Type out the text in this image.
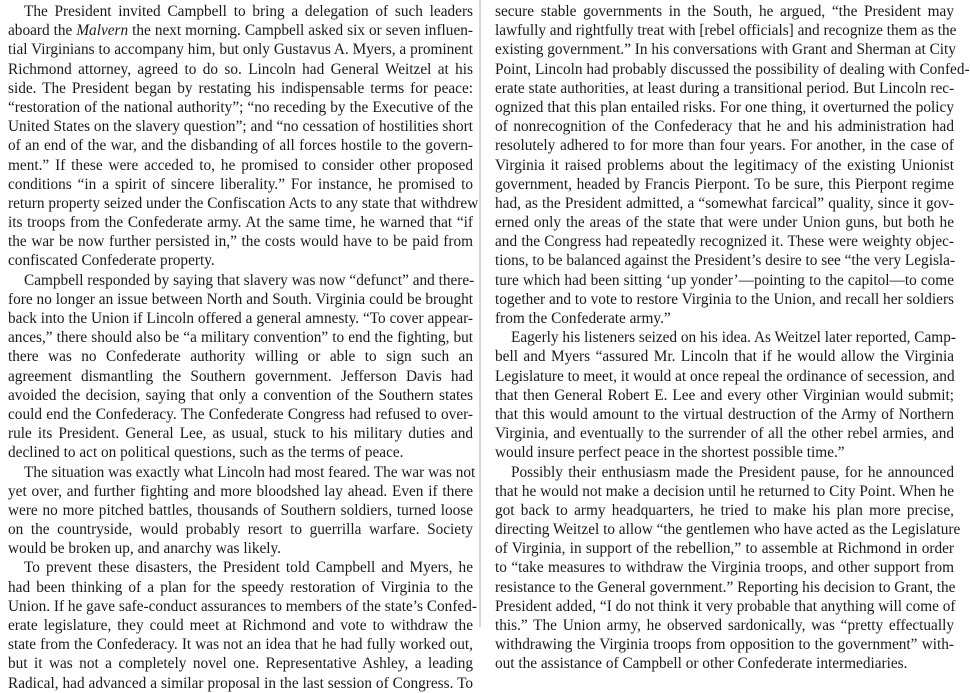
The President invited Campbell to bring a delegation of such leaders
aboard the Malvern the next morning. Campbell asked six or seven influen-
tial Virginians to accompany him, but only Gustavus A. Myers, a prominent
Richmond attorney, agreed to do so. Lincoln had General Weitzel at his
side. The President began by restating his indispensable terms for peace:
“restoration of the national authority”; “no receding by the Executive of the
United States on the slavery question”; and “no cessation of hostilities short
of an end of the war, and the disbanding of all forces hostile to the govern-
ment.” If these were acceded to, he promised to consider other proposed
conditions “in a spirit of sincere liberality.” For instance, he promised to
return property seized under the Confiscation Acts to any state that withdrew
its troops from the Confederate army. At the same time, he warned that “if
the war be now further persisted in,” the costs would have to be paid from
confiscated Confederate property.
Campbell responded by saying that slavery was now “defunct” and there-
fore no longer an issue between North and South. Virginia could be brought
back into the Union if Lincoln offered a general amnesty. “To cover appear-
ances,” there should also be “a military convention” to end the fighting, but
there was no Confederate authority willing or able to sign such an
agreement dismantling the Southern government. Jefferson Davis had
avoided the decision, saying that only a convention of the Southern states
could end the Confederacy. The Confederate Congress had refused to over-
rule its President. General Lee, as usual, stuck to his military duties and
declined to act on political questions, such as the terms of peace.
The situation was exactly what Lincoln had most feared. The war was not
yet over, and further fighting and more bloodshed lay ahead. Even if there
were no more pitched battles, thousands of Southern soldiers, turned loose
on the countryside, would probably resort to guerrilla warfare. Society
would be broken up, and anarchy was likely.
To prevent these disasters, the President told Campbell and Myers, he
had been thinking of a plan for the speedy restoration of Virginia to the
Union. If he gave safe-conduct assurances to members of the state’s Confed-
erate legislature, they could meet at Richmond and vote to withdraw the
state from the Confederacy. It was not an idea that he had fully worked out,
but it was not a completely novel one. Representative Ashley, a leading
Radical, had advanced a similar proposal in the last session of Congress. To
secure stable governments in the South, he argued, “the President may
lawfully and rightfully treat with [rebel officials] and recognize them as the
existing government.” In his conversations with Grant and Sherman at City
Point, Lincoln had probably discussed the possibility of dealing with Confed-
erate state authorities, at least during a transitional period. But Lincoln rec-
ognized that this plan entailed risks. For one thing, it overturned the policy
of nonrecognition of the Confederacy that he and his administration had
resolutely adhered to for more than four years. For another, in the case of
Virginia it raised problems about the legitimacy of the existing Unionist
government, headed by Francis Pierpont. To be sure, this Pierpont regime
had, as the President admitted, a “somewhat farcical” quality, since it gov-
erned only the areas of the state that were under Union guns, but both he
and the Congress had repeatedly recognized it. These were weighty objec-
tions, to be balanced against the President’s desire to see “the very Legisla-
ture which had been sitting ‘up yonder’—pointing to the capitol—to come
together and to vote to restore Virginia to the Union, and recall her soldiers
from the Confederate army.”
Eagerly his listeners seized on his idea. As Weitzel later reported, Camp-
bell and Myers “assured Mr. Lincoln that if he would allow the Virginia
Legislature to meet, it would at once repeal the ordinance of secession, and
that then General Robert E. Lee and every other Virginian would submit;
that this would amount to the virtual destruction of the Army of Northern
Virginia, and eventually to the surrender of all the other rebel armies, and
would insure perfect peace in the shortest possible time.”
Possibly their enthusiasm made the President pause, for he announced
that he would not make a decision until he returned to City Point. When he
got back to army headquarters, he tried to make his plan more precise,
directing Weitzel to allow “the gentlemen who have acted as the Legislature
of Virginia, in support of the rebellion,” to assemble at Richmond in order
to “take measures to withdraw the Virginia troops, and other support from
resistance to the General government.” Reporting his decision to Grant, the
President added, “I do not think it very probable that anything will come of
this.” The Union army, he observed sardonically, was “pretty effectually
withdrawing the Virginia troops from opposition to the government” with-
out the assistance of Campbell or other Confederate intermediaries.
